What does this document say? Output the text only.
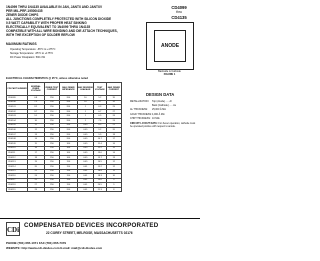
1N4099 THRU 1N4135 AVAILABLE IN JAN, JANTX AND JANTXV
PER MIL-PRF-19500/435
ZENER DIODE CHIPS
ALL JUNCTIONS COMPLETELY PROTECTED WITH SILICON DIOXIDE
0.5 WATT CAPABILITY WITH PROPER HEAT SINKING
ELECTRICALLY EQUIVALENT TO 1N4099 THRU 1N4135
COMPATIBLE WITH ALL WIRE BONDING AND DIE ATTACH TECHNIQUES,
WITH THE EXCEPTION OF SOLDER REFLOW
CD4099
thru
CD4135
ANODE
Backside is Cathode
FIGURE 1
MAXIMUM RATINGS
Operating Temperature: -65°C to +175°C
Storage Temperature: -65°C to +175°C
DC Power Dissipation: 500 mW
ELECTRICAL CHARACTERISTICS @ 25°C, unless otherwise noted
CDI PART NUMBER	NOMINAL ZENER VOLTAGE	ZENER TEST CURRENT	MAX ZENER IMPEDANCE	MAX REVERSE LEAKAGE	TEST VOLTAGE	MAX ZENER CURRENT
CD4099	6.8	250	200	10	5.2	35
CD4100	7.5	250	200	10	5.7	31
CD4101	8.2	250	200	1	6.3	29
CD4102	8.7	250	200	1	6.7	27
CD4103	9.1	250	200	1	6.9	26
CD4104	10	250	200	1	7.6	24
CD4105	11	250	200	0.05	8.5	21
CD4106	12	250	200	0.05	9.2	20
CD4107	13	250	200	0.05	9.9	18
CD4108	14	250	200	0.05	10.7	17
CD4109	15	250	100	0.05	11.4	16
CD4110	16	250	100	0.05	12.2	15
CD4111	17	250	100	0.05	13.0	14
CD4112	18	250	100	0.05	13.7	13
CD4113	19	250	150	0.05	14.5	12
CD4114	20	250	150	0.01	15.2	12
CD4115	22	250	150	0.01	16.8	11
CD4116	24	250	150	0.01	18.3	10
CD4117	25	250	150	0.01	19.0	9
CD4118	27	250	150	0.01	20.5	9
CD4119	28	250	200	0.01	21.3	8
DESIGN DATA
METALLIZATION: Top (Anode) ..... Al
Back (Cathode) ..... Au
AL THICKNESS: 25,000 Å Min
GOLD THICKNESS:4,000 Å Min
CHIP THICKNESS:10 Mils
CIRCUIT LAYOUT DATA: For Zener operation, cathode must be operated positive with respect to anode.
CDi
COMPENSATED DEVICES INCORPORATED
22 COREY STREET, MELROSE, MASSACHUSETTS 02176
PHONE (781) 665-1071 FAX (781) 665-7379
WEBSITE: http://www.cdi-diodes.com E-mail: mail@cdi-diodes.com
